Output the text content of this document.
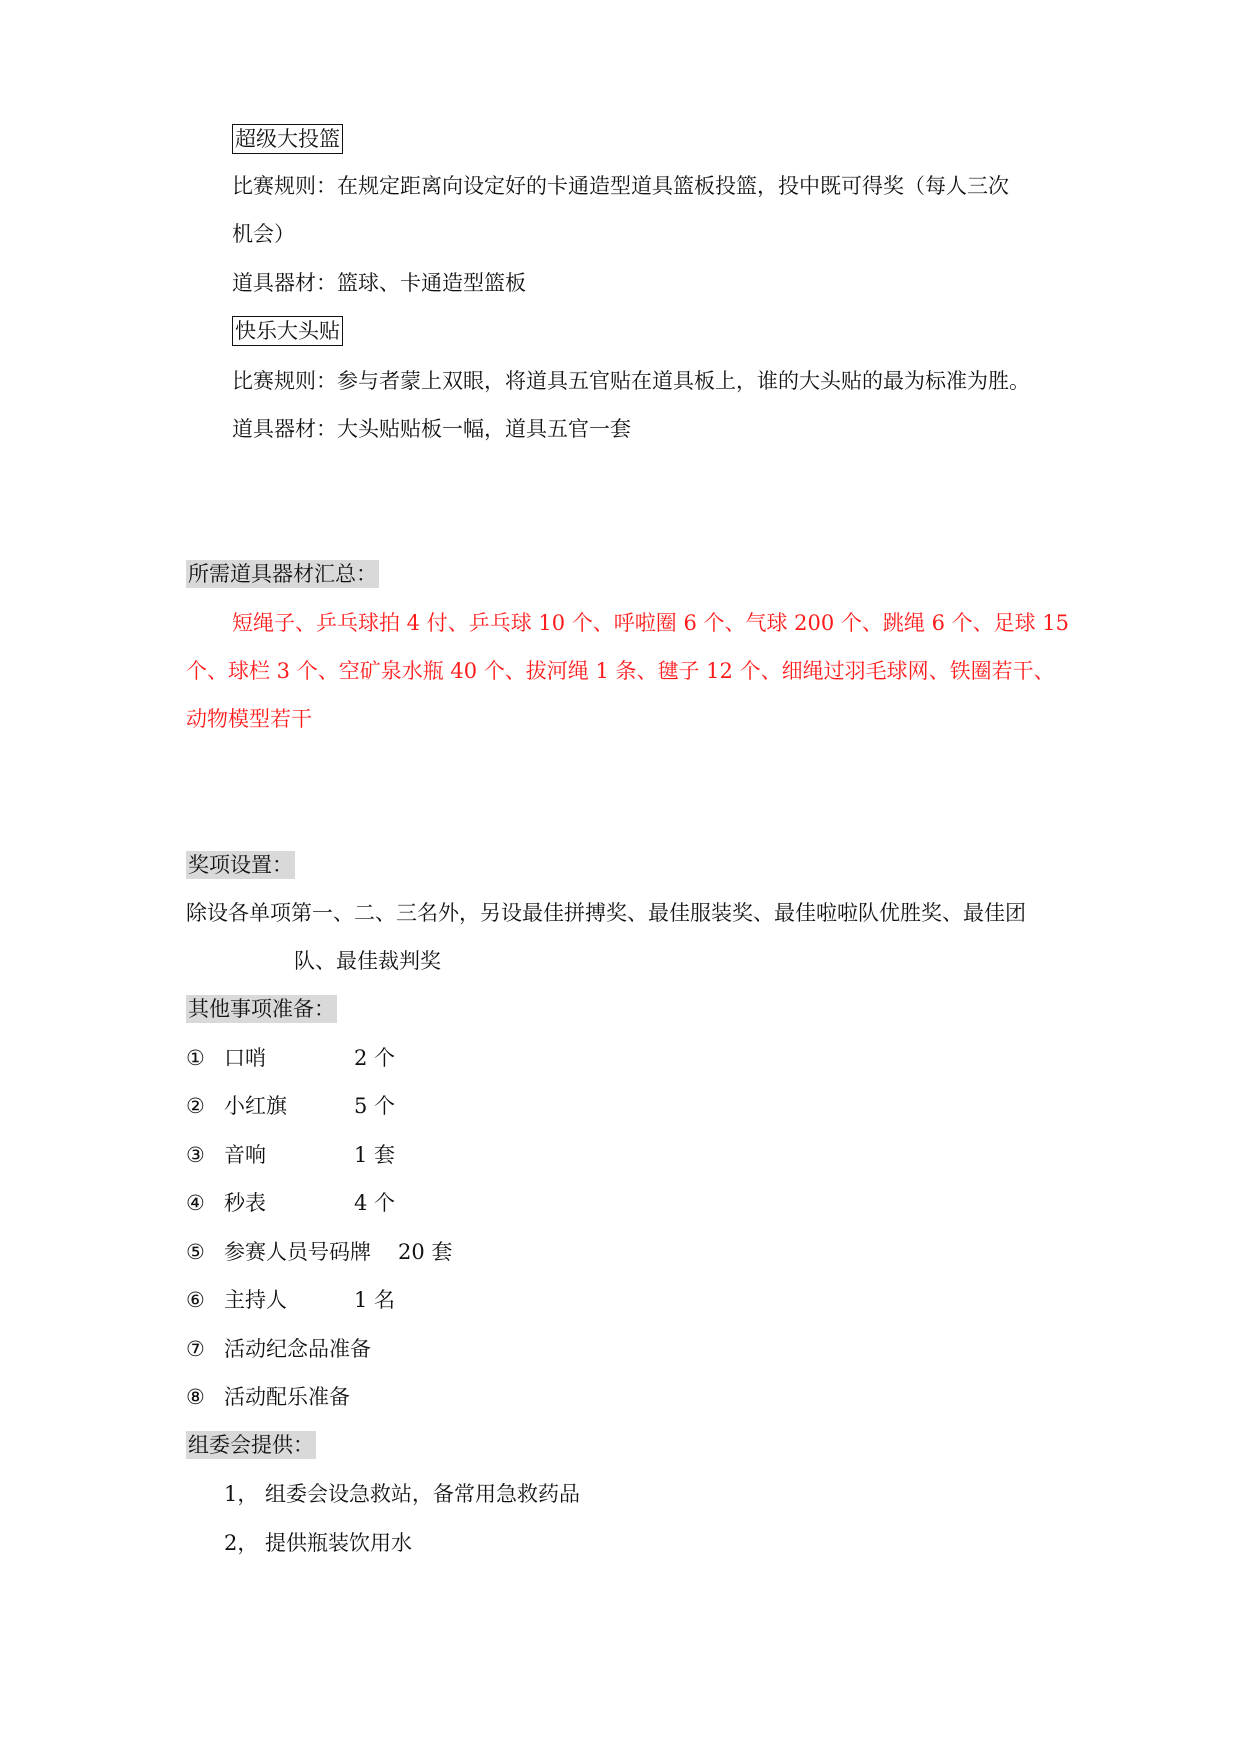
超级大投篮
比赛规则：在规定距离向设定好的卡通造型道具篮板投篮，投中既可得奖（每人三次
机会）
道具器材：篮球、卡通造型篮板
快乐大头贴
比赛规则：参与者蒙上双眼，将道具五官贴在道具板上，谁的大头贴的最为标准为胜。
道具器材：大头贴贴板一幅，道具五官一套
所需道具器材汇总：
短绳子、乒乓球拍 4 付、乒乓球 10 个、呼啦圈 6 个、气球 200 个、跳绳 6 个、足球 15
个、球栏 3 个、空矿泉水瓶 40 个、拔河绳 1 条、毽子 12 个、细绳过羽毛球网、铁圈若干、
动物模型若干
奖项设置：
除设各单项第一、二、三名外，另设最佳拼搏奖、最佳服装奖、最佳啦啦队优胜奖、最佳团
队、最佳裁判奖
其他事项准备：
① 口哨	2 个
② 小红旗	5 个
③ 音响	1 套
④ 秒表	4 个
⑤ 参赛人员号码牌 20 套
⑥ 主持人	1 名
⑦ 活动纪念品准备
⑧ 活动配乐准备
组委会提供：
1， 组委会设急救站，备常用急救药品
2， 提供瓶装饮用水
